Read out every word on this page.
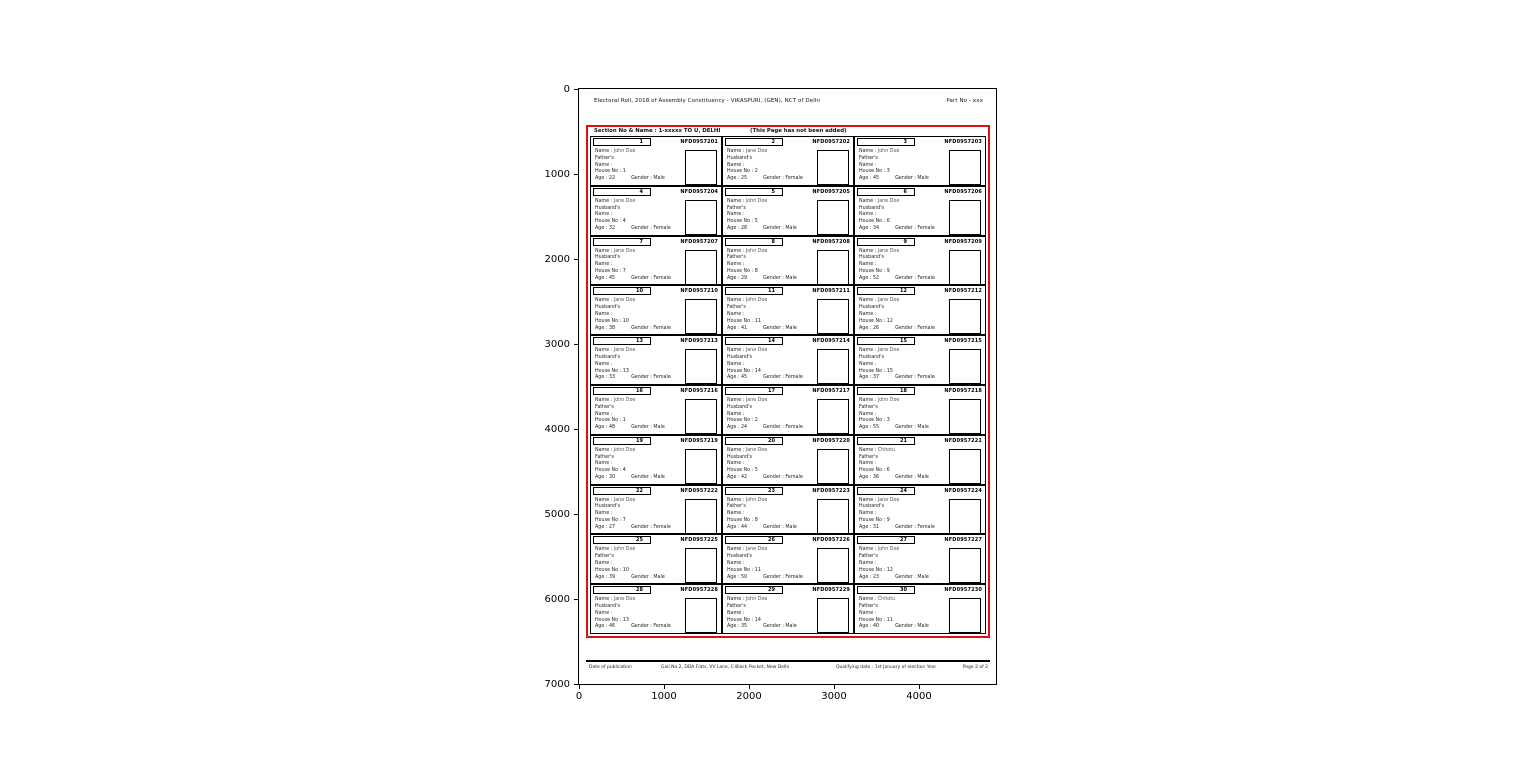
Electoral Roll, 2018 of Assembly Constituency - VIKASPURI, (GEN), NCT of Delhi	Part No - xxx
Section No & Name : 1-xxxxx TO U, DELHI	(This Page has not been added)
1	NFD0957201
Name : John Doe
Father's
Name :
House No : 1
Age : 22	Gender : Male
2	NFD0957202
Name : Jane Doe
Husband's
Name :
House No : 2
Age : 25	Gender : Female
3	NFD0957203
Name : John Doe
Father's
Name :
House No : 3
Age : 45	Gender : Male
4	NFD0957204
Name : Jane Doe
Husband's
Name :
House No : 4
Age : 32	Gender : Female
5	NFD0957205
Name : John Doe
Father's
Name :
House No : 5
Age : 28	Gender : Male
6	NFD0957206
Name : Jane Doe
Husband's
Name :
House No : 6
Age : 34	Gender : Female
7	NFD0957207
Name : Jane Doe
Husband's
Name :
House No : 7
Age : 45	Gender : Female
8	NFD0957208
Name : John Doe
Father's
Name :
House No : 8
Age : 29	Gender : Male
9	NFD0957209
Name : Jane Doe
Husband's
Name :
House No : 9
Age : 52	Gender : Female
10	NFD0957210
Name : Jane Doe
Husband's
Name :
House No : 10
Age : 38	Gender : Female
11	NFD0957211
Name : John Doe
Father's
Name :
House No : 11
Age : 41	Gender : Male
12	NFD0957212
Name : Jane Doe
Husband's
Name :
House No : 12
Age : 26	Gender : Female
13	NFD0957213
Name : Jane Doe
Husband's
Name :
House No : 13
Age : 33	Gender : Female
14	NFD0957214
Name : Jane Doe
Husband's
Name :
House No : 14
Age : 45	Gender : Female
15	NFD0957215
Name : Jane Doe
Husband's
Name :
House No : 15
Age : 37	Gender : Female
16	NFD0957216
Name : John Doe
Father's
Name :
House No : 1
Age : 48	Gender : Male
17	NFD0957217
Name : Jane Doe
Husband's
Name :
House No : 2
Age : 24	Gender : Female
18	NFD0957218
Name : John Doe
Father's
Name :
House No : 3
Age : 55	Gender : Male
19	NFD0957219
Name : John Doe
Father's
Name :
House No : 4
Age : 30	Gender : Male
20	NFD0957220
Name : Jane Doe
Husband's
Name :
House No : 5
Age : 42	Gender : Female
21	NFD0957221
Name : Chhotu
Father's
Name :
House No : 6
Age : 36	Gender : Male
22	NFD0957222
Name : Jane Doe
Husband's
Name :
House No : 7
Age : 27	Gender : Female
23	NFD0957223
Name : John Doe
Father's
Name :
House No : 8
Age : 44	Gender : Male
24	NFD0957224
Name : Jane Doe
Husband's
Name :
House No : 9
Age : 31	Gender : Female
25	NFD0957225
Name : John Doe
Father's
Name :
House No : 10
Age : 39	Gender : Male
26	NFD0957226
Name : Jane Doe
Husband's
Name :
House No : 11
Age : 50	Gender : Female
27	NFD0957227
Name : John Doe
Father's
Name :
House No : 12
Age : 23	Gender : Male
28	NFD0957228
Name : Jane Doe
Husband's
Name :
House No : 13
Age : 46	Gender : Female
29	NFD0957229
Name : John Doe
Father's
Name :
House No : 14
Age : 35	Gender : Male
30	NFD0957230
Name : Chhotu
Father's
Name :
House No : 11
Age : 40	Gender : Male
Date of publication	Gali No.2, DDA Flats, VV Lane, C-Block Pocket, New Delhi	Qualifying date : 1st January of election Year	Page 2 of 2
0	1000	2000	3000	4000
0
1000
2000
3000
4000
5000
6000
7000
